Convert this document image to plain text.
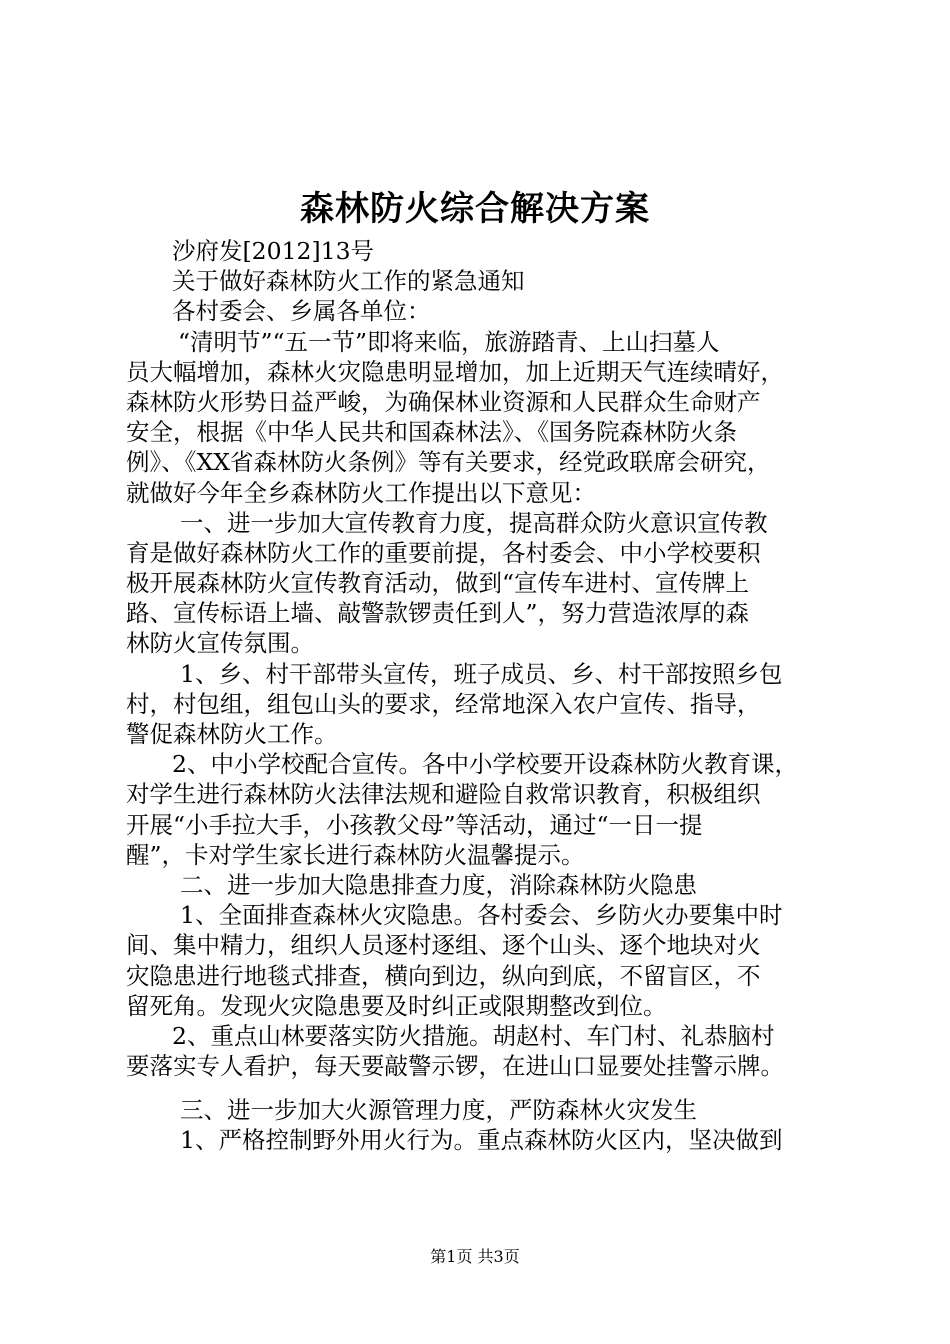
森林防火综合解决方案
沙府发[2012]13号
关于做好森林防火工作的紧急通知
各村委会、乡属各单位：
“清明节”“五一节”即将来临，旅游踏青、上山扫墓人
员大幅增加，森林火灾隐患明显增加，加上近期天气连续晴好，
森林防火形势日益严峻，为确保林业资源和人民群众生命财产
安全，根据《中华人民共和国森林法》、《国务院森林防火条
例》、《XX省森林防火条例》等有关要求，经党政联席会研究，
就做好今年全乡森林防火工作提出以下意见：
一、进一步加大宣传教育力度，提高群众防火意识宣传教
育是做好森林防火工作的重要前提，各村委会、中小学校要积
极开展森林防火宣传教育活动，做到“宣传车进村、宣传牌上
路、宣传标语上墙、敲警款锣责任到人”，努力营造浓厚的森
林防火宣传氛围。
1、乡、村干部带头宣传，班子成员、乡、村干部按照乡包
村，村包组，组包山头的要求，经常地深入农户宣传、指导，
警促森林防火工作。
2、中小学校配合宣传。各中小学校要开设森林防火教育课，
对学生进行森林防火法律法规和避险自救常识教育，积极组织
开展“小手拉大手，小孩教父母”等活动，通过“一日一提
醒”，卡对学生家长进行森林防火温馨提示。
二、进一步加大隐患排查力度，消除森林防火隐患
1、全面排查森林火灾隐患。各村委会、乡防火办要集中时
间、集中精力，组织人员逐村逐组、逐个山头、逐个地块对火
灾隐患进行地毯式排查，横向到边，纵向到底，不留盲区，不
留死角。发现火灾隐患要及时纠正或限期整改到位。
2、重点山林要落实防火措施。胡赵村、车门村、礼恭脑村
要落实专人看护，每天要敲警示锣，在进山口显要处挂警示牌。
三、进一步加大火源管理力度，严防森林火灾发生
1、严格控制野外用火行为。重点森林防火区内，坚决做到
第1页 共3页
